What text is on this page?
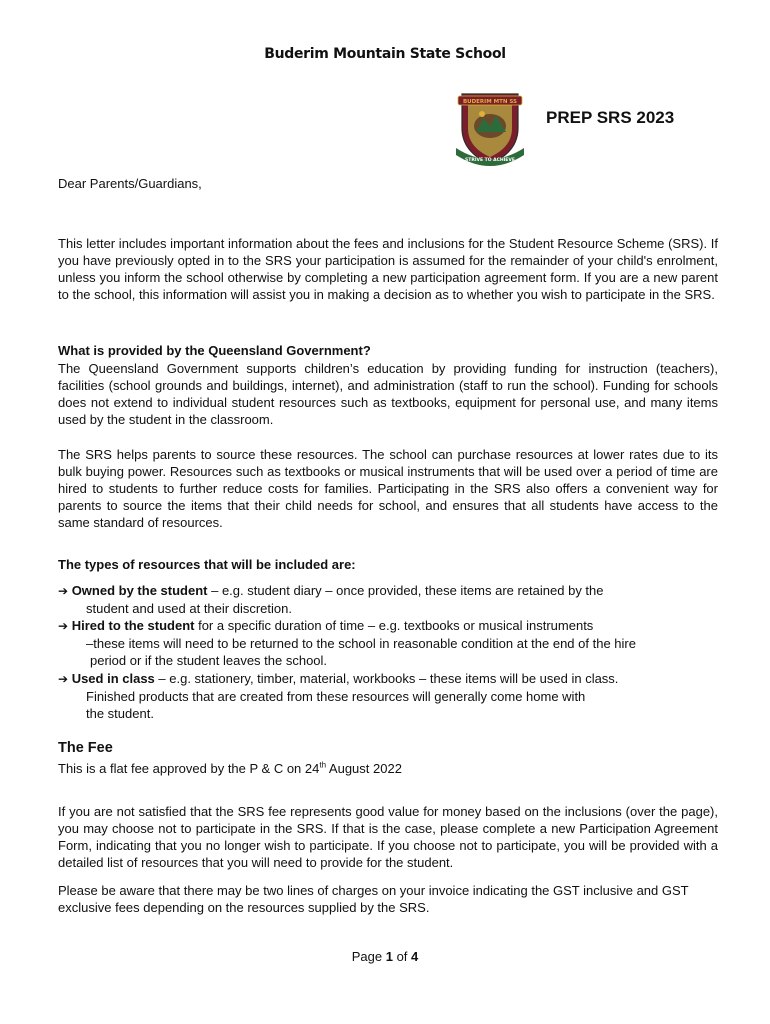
Buderim Mountain State School
BUDERIM MTN SS
STRIVE TO ACHIEVE
PREP SRS 2023
Dear Parents/Guardians,
This letter includes important information about the fees and inclusions for the Student Resource Scheme (SRS). If you have previously opted in to the SRS your participation is assumed for the remainder of your child's enrolment, unless you inform the school otherwise by completing a new participation agreement form. If you are a new parent to the school, this information will assist you in making a decision as to whether you wish to participate in the SRS.
What is provided by the Queensland Government?
The Queensland Government supports children’s education by providing funding for instruction (teachers), facilities (school grounds and buildings, internet), and administration (staff to run the school). Funding for schools does not extend to individual student resources such as textbooks, equipment for personal use, and many items used by the student in the classroom.
The SRS helps parents to source these resources. The school can purchase resources at lower rates due to its bulk buying power. Resources such as textbooks or musical instruments that will be used over a period of time are hired to students to further reduce costs for families. Participating in the SRS also offers a convenient way for parents to source the items that their child needs for school, and ensures that all students have access to the same standard of resources.
The types of resources that will be included are:
➔ Owned by the student – e.g. student diary – once provided, these items are retained by the
student and used at their discretion.
➔ Hired to the student for a specific duration of time – e.g. textbooks or musical instruments
–these items will need to be returned to the school in reasonable condition at the end of the hire
period or if the student leaves the school.
➔ Used in class – e.g. stationery, timber, material, workbooks – these items will be used in class.
Finished products that are created from these resources will generally come home with
the student.
The Fee
This is a flat fee approved by the P & C on 24th August 2022
If you are not satisfied that the SRS fee represents good value for money based on the inclusions (over the page), you may choose not to participate in the SRS. If that is the case, please complete a new Participation Agreement Form, indicating that you no longer wish to participate. If you choose not to participate, you will be provided with a detailed list of resources that you will need to provide for the student.
Please be aware that there may be two lines of charges on your invoice indicating the GST inclusive and GST exclusive fees depending on the resources supplied by the SRS.
Page 1 of 4
